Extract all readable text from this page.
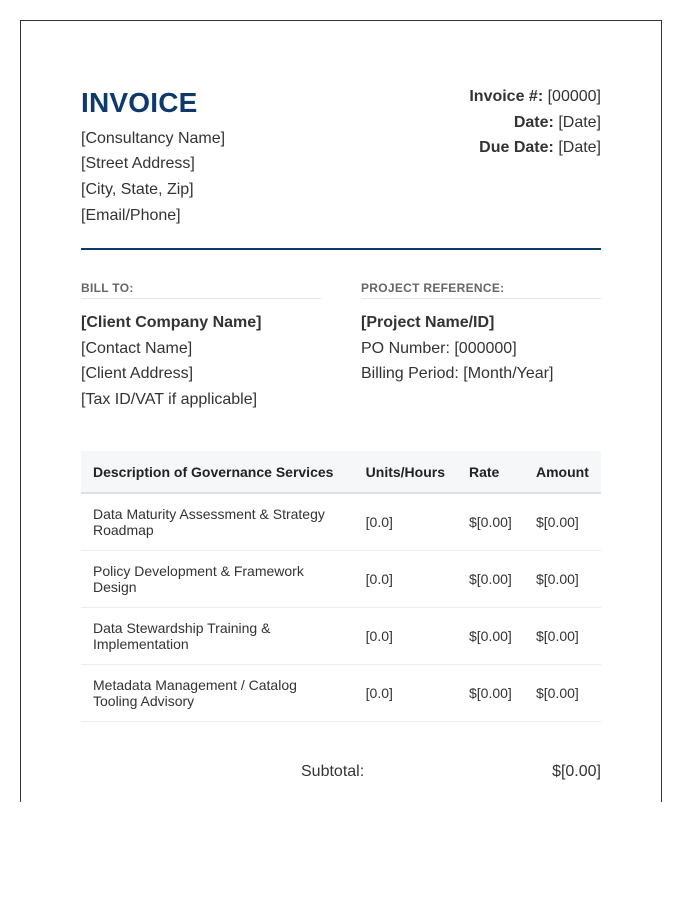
INVOICE
[Consultancy Name]
[Street Address]
[City, State, Zip]
[Email/Phone]
Invoice #: [00000]
Date: [Date]
Due Date: [Date]
BILL TO:
[Client Company Name]
[Contact Name]
[Client Address]
[Tax ID/VAT if applicable]
PROJECT REFERENCE:
[Project Name/ID]
PO Number: [000000]
Billing Period: [Month/Year]
Description of Governance Services	Units/Hours	Rate	Amount
Data Maturity Assessment & Strategy Roadmap	[0.0]	$[0.00]	$[0.00]
Policy Development & Framework Design	[0.0]	$[0.00]	$[0.00]
Data Stewardship Training & Implementation	[0.0]	$[0.00]	$[0.00]
Metadata Management / Catalog Tooling Advisory	[0.0]	$[0.00]	$[0.00]
Subtotal:	$[0.00]
